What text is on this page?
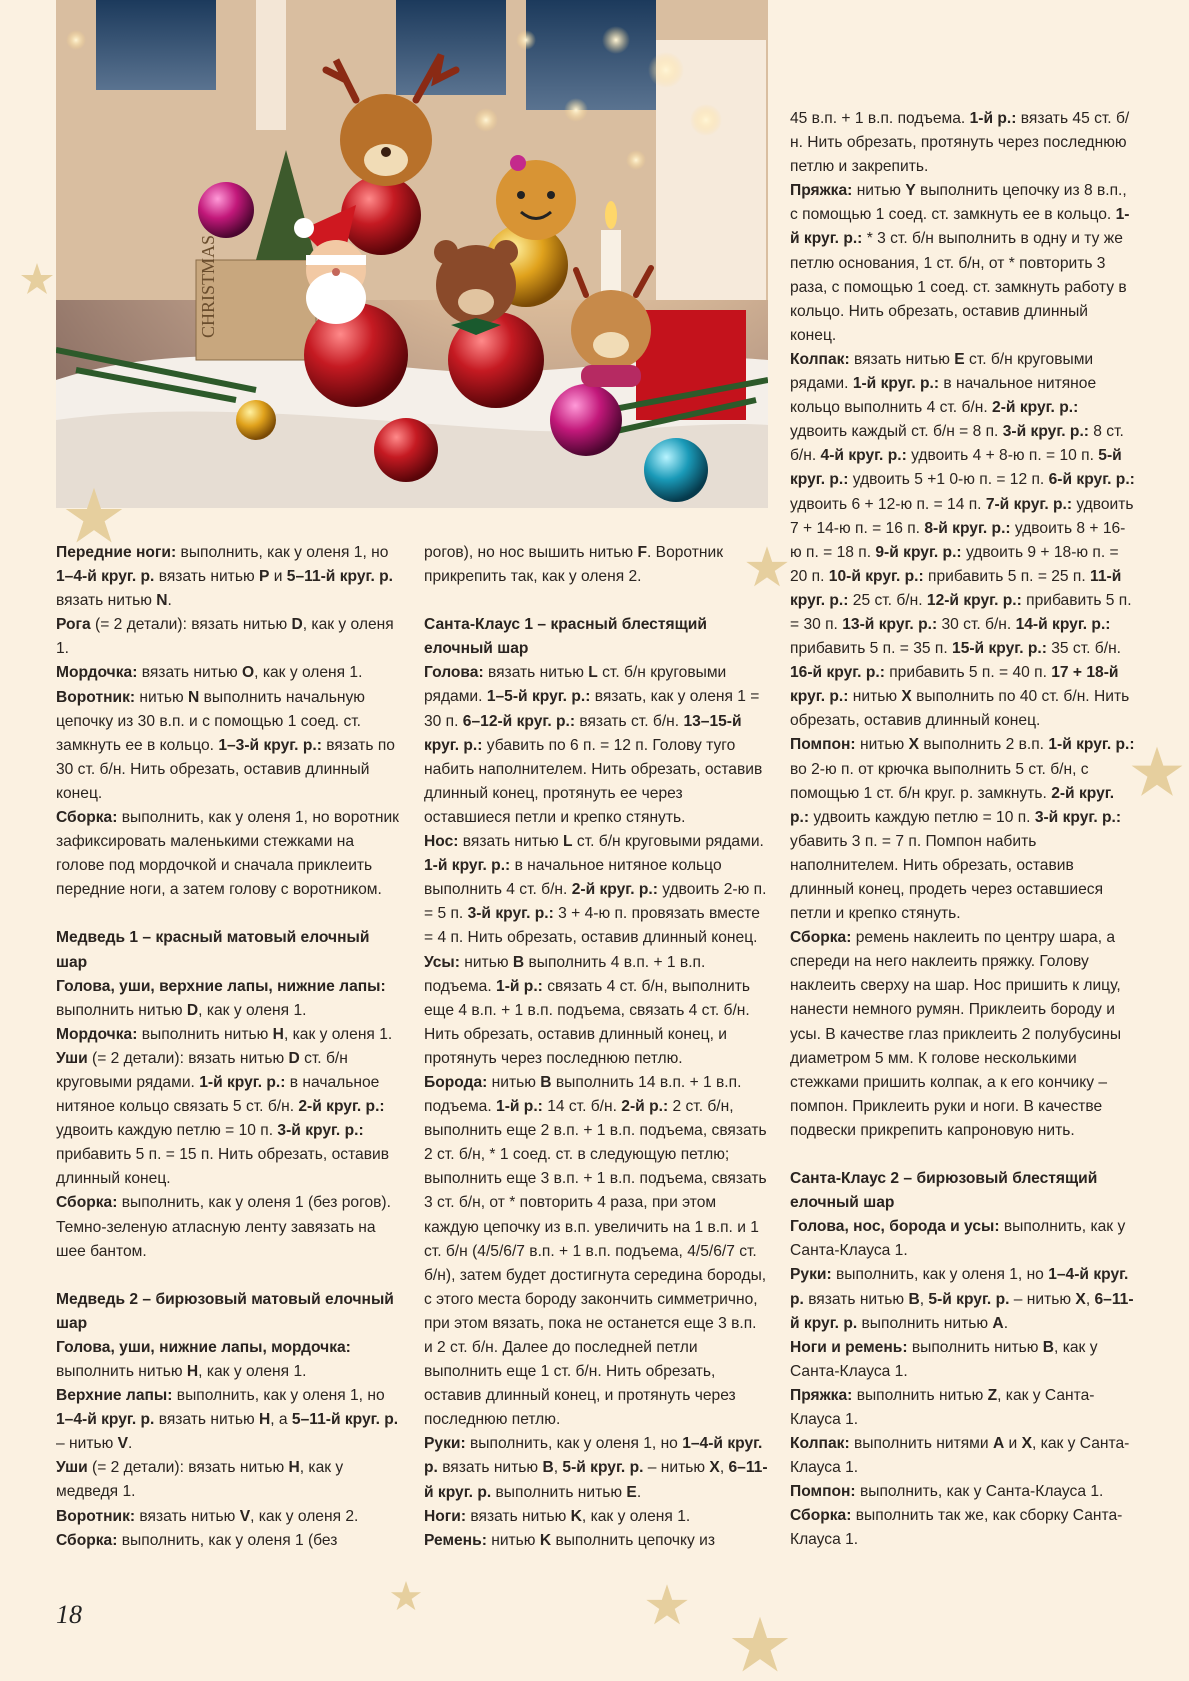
CHRISTMAS

Передние ноги: выполнить, как у оленя 1, но 1–4-й круг. р. вязать нитью P и 5–11-й круг. р. вязать нитью N.

Рога (= 2 детали): вязать нитью D, как у оленя 1.

Мордочка: вязать нитью O, как у оленя 1.

Воротник: нитью N выполнить начальную цепочку из 30 в.п. и с помощью 1 соед. ст. замкнуть ее в кольцо. 1–3-й круг. р.: вязать по 30 ст. б/н. Нить обрезать, оставив длинный конец.

Сборка: выполнить, как у оленя 1, но воротник зафиксировать маленькими стежками на голове под мордочкой и сначала приклеить передние ноги, а затем голову с воротником.

Медведь 1 – красный матовый елочный шар

Голова, уши, верхние лапы, нижние лапы: выполнить нитью D, как у оленя 1.

Мордочка: выполнить нитью H, как у оленя 1.

Уши (= 2 детали): вязать нитью D ст. б/н круговыми рядами. 1-й круг. р.: в начальное нитяное кольцо связать 5 ст. б/н. 2-й круг. р.: удвоить каждую петлю = 10 п. 3-й круг. р.: прибавить 5 п. = 15 п. Нить обрезать, оставив длинный конец.

Сборка: выполнить, как у оленя 1 (без рогов). Темно-зеленую атласную ленту завязать на шее бантом.

Медведь 2 – бирюзовый матовый елочный шар

Голова, уши, нижние лапы, мордочка: выполнить нитью H, как у оленя 1.

Верхние лапы: выполнить, как у оленя 1, но 1–4-й круг. р. вязать нитью H, а 5–11-й круг. р. – нитью V.

Уши (= 2 детали): вязать нитью H, как у медведя 1.

Воротник: вязать нитью V, как у оленя 2.

Сборка: выполнить, как у оленя 1 (без

рогов), но нос вышить нитью F. Воротник прикрепить так, как у оленя 2.

Санта-Клаус 1 – красный блестящий елочный шар

Голова: вязать нитью L ст. б/н круговыми рядами. 1–5-й круг. р.: вязать, как у оленя 1 = 30 п. 6–12-й круг. р.: вязать ст. б/н. 13–15-й круг. р.: убавить по 6 п. = 12 п. Голову туго набить наполнителем. Нить обрезать, оставив длинный конец, протянуть ее через оставшиеся петли и крепко стянуть.

Нос: вязать нитью L ст. б/н круговыми рядами. 1-й круг. р.: в начальное нитяное кольцо выполнить 4 ст. б/н. 2-й круг. р.: удвоить 2-ю п. = 5 п. 3-й круг. р.: 3 + 4-ю п. провязать вместе = 4 п. Нить обрезать, оставив длинный конец.

Усы: нитью B выполнить 4 в.п. + 1 в.п. подъема. 1-й р.: связать 4 ст. б/н, выполнить еще 4 в.п. + 1 в.п. подъема, связать 4 ст. б/н. Нить обрезать, оставив длинный конец, и протянуть через последнюю петлю.

Борода: нитью B выполнить 14 в.п. + 1 в.п. подъема. 1-й р.: 14 ст. б/н. 2-й р.: 2 ст. б/н, выполнить еще 2 в.п. + 1 в.п. подъема, связать 2 ст. б/н, * 1 соед. ст. в следующую петлю; выполнить еще 3 в.п. + 1 в.п. подъема, связать 3 ст. б/н, от * повторить 4 раза, при этом каждую цепочку из в.п. увеличить на 1 в.п. и 1 ст. б/н (4/5/6/7 в.п. + 1 в.п. подъема, 4/5/6/7 ст. б/н), затем будет достигнута середина бороды, с этого места бороду закончить симметрично, при этом вязать, пока не останется еще 3 в.п. и 2 ст. б/н. Далее до последней петли выполнить еще 1 ст. б/н. Нить обрезать, оставив длинный конец, и протянуть через последнюю петлю.

Руки: выполнить, как у оленя 1, но 1–4-й круг. р. вязать нитью B, 5-й круг. р. – нитью X, 6–11-й круг. р. выполнить нитью E.

Ноги: вязать нитью K, как у оленя 1.

Ремень: нитью K выполнить цепочку из

45 в.п. + 1 в.п. подъема. 1-й р.: вязать 45 ст. б/н. Нить обрезать, протянуть через последнюю петлю и закрепить.

Пряжка: нитью Y выполнить цепочку из 8 в.п., с помощью 1 соед. ст. замкнуть ее в кольцо. 1-й круг. р.: * 3 ст. б/н выполнить в одну и ту же петлю основания, 1 ст. б/н, от * повторить 3 раза, с помощью 1 соед. ст. замкнуть работу в кольцо. Нить обрезать, оставив длинный конец.

Колпак: вязать нитью E ст. б/н круговыми рядами. 1-й круг. р.: в начальное нитяное кольцо выполнить 4 ст. б/н. 2-й круг. р.: удвоить каждый ст. б/н = 8 п. 3-й круг. р.: 8 ст. б/н. 4-й круг. р.: удвоить 4 + 8-ю п. = 10 п. 5-й круг. р.: удвоить 5 +1 0-ю п. = 12 п. 6-й круг. р.: удвоить 6 + 12-ю п. = 14 п. 7-й круг. р.: удвоить 7 + 14-ю п. = 16 п. 8-й круг. р.: удвоить 8 + 16-ю п. = 18 п. 9-й круг. р.: удвоить 9 + 18-ю п. = 20 п. 10-й круг. р.: прибавить 5 п. = 25 п. 11-й круг. р.: 25 ст. б/н. 12-й круг. р.: прибавить 5 п. = 30 п. 13-й круг. р.: 30 ст. б/н. 14-й круг. р.: прибавить 5 п. = 35 п. 15-й круг. р.: 35 ст. б/н. 16-й круг. р.: прибавить 5 п. = 40 п. 17 + 18-й круг. р.: нитью X выполнить по 40 ст. б/н. Нить обрезать, оставив длинный конец.

Помпон: нитью X выполнить 2 в.п. 1-й круг. р.: во 2-ю п. от крючка выполнить 5 ст. б/н, с помощью 1 ст. б/н круг. р. замкнуть. 2-й круг. р.: удвоить каждую петлю = 10 п. 3-й круг. р.: убавить 3 п. = 7 п. Помпон набить наполнителем. Нить обрезать, оставив длинный конец, продеть через оставшиеся петли и крепко стянуть.

Сборка: ремень наклеить по центру шара, а спереди на него наклеить пряжку. Голову наклеить сверху на шар. Нос пришить к лицу, нанести немного румян. Приклеить бороду и усы. В качестве глаз приклеить 2 полубусины диаметром 5 мм. К голове несколькими стежками пришить колпак, а к его кончику – помпон. Приклеить руки и ноги. В качестве подвески прикрепить капроновую нить.

Санта-Клаус 2 – бирюзовый блестящий елочный шар

Голова, нос, борода и усы: выполнить, как у Санта-Клауса 1.

Руки: выполнить, как у оленя 1, но 1–4-й круг. р. вязать нитью B, 5-й круг. р. – нитью X, 6–11-й круг. р. выполнить нитью A.

Ноги и ремень: выполнить нитью B, как у Санта-Клауса 1.

Пряжка: выполнить нитью Z, как у Санта-Клауса 1.

Колпак: выполнить нитями A и X, как у Санта-Клауса 1.

Помпон: выполнить, как у Санта-Клауса 1.

Сборка: выполнить так же, как сборку Санта-Клауса 1.

18
